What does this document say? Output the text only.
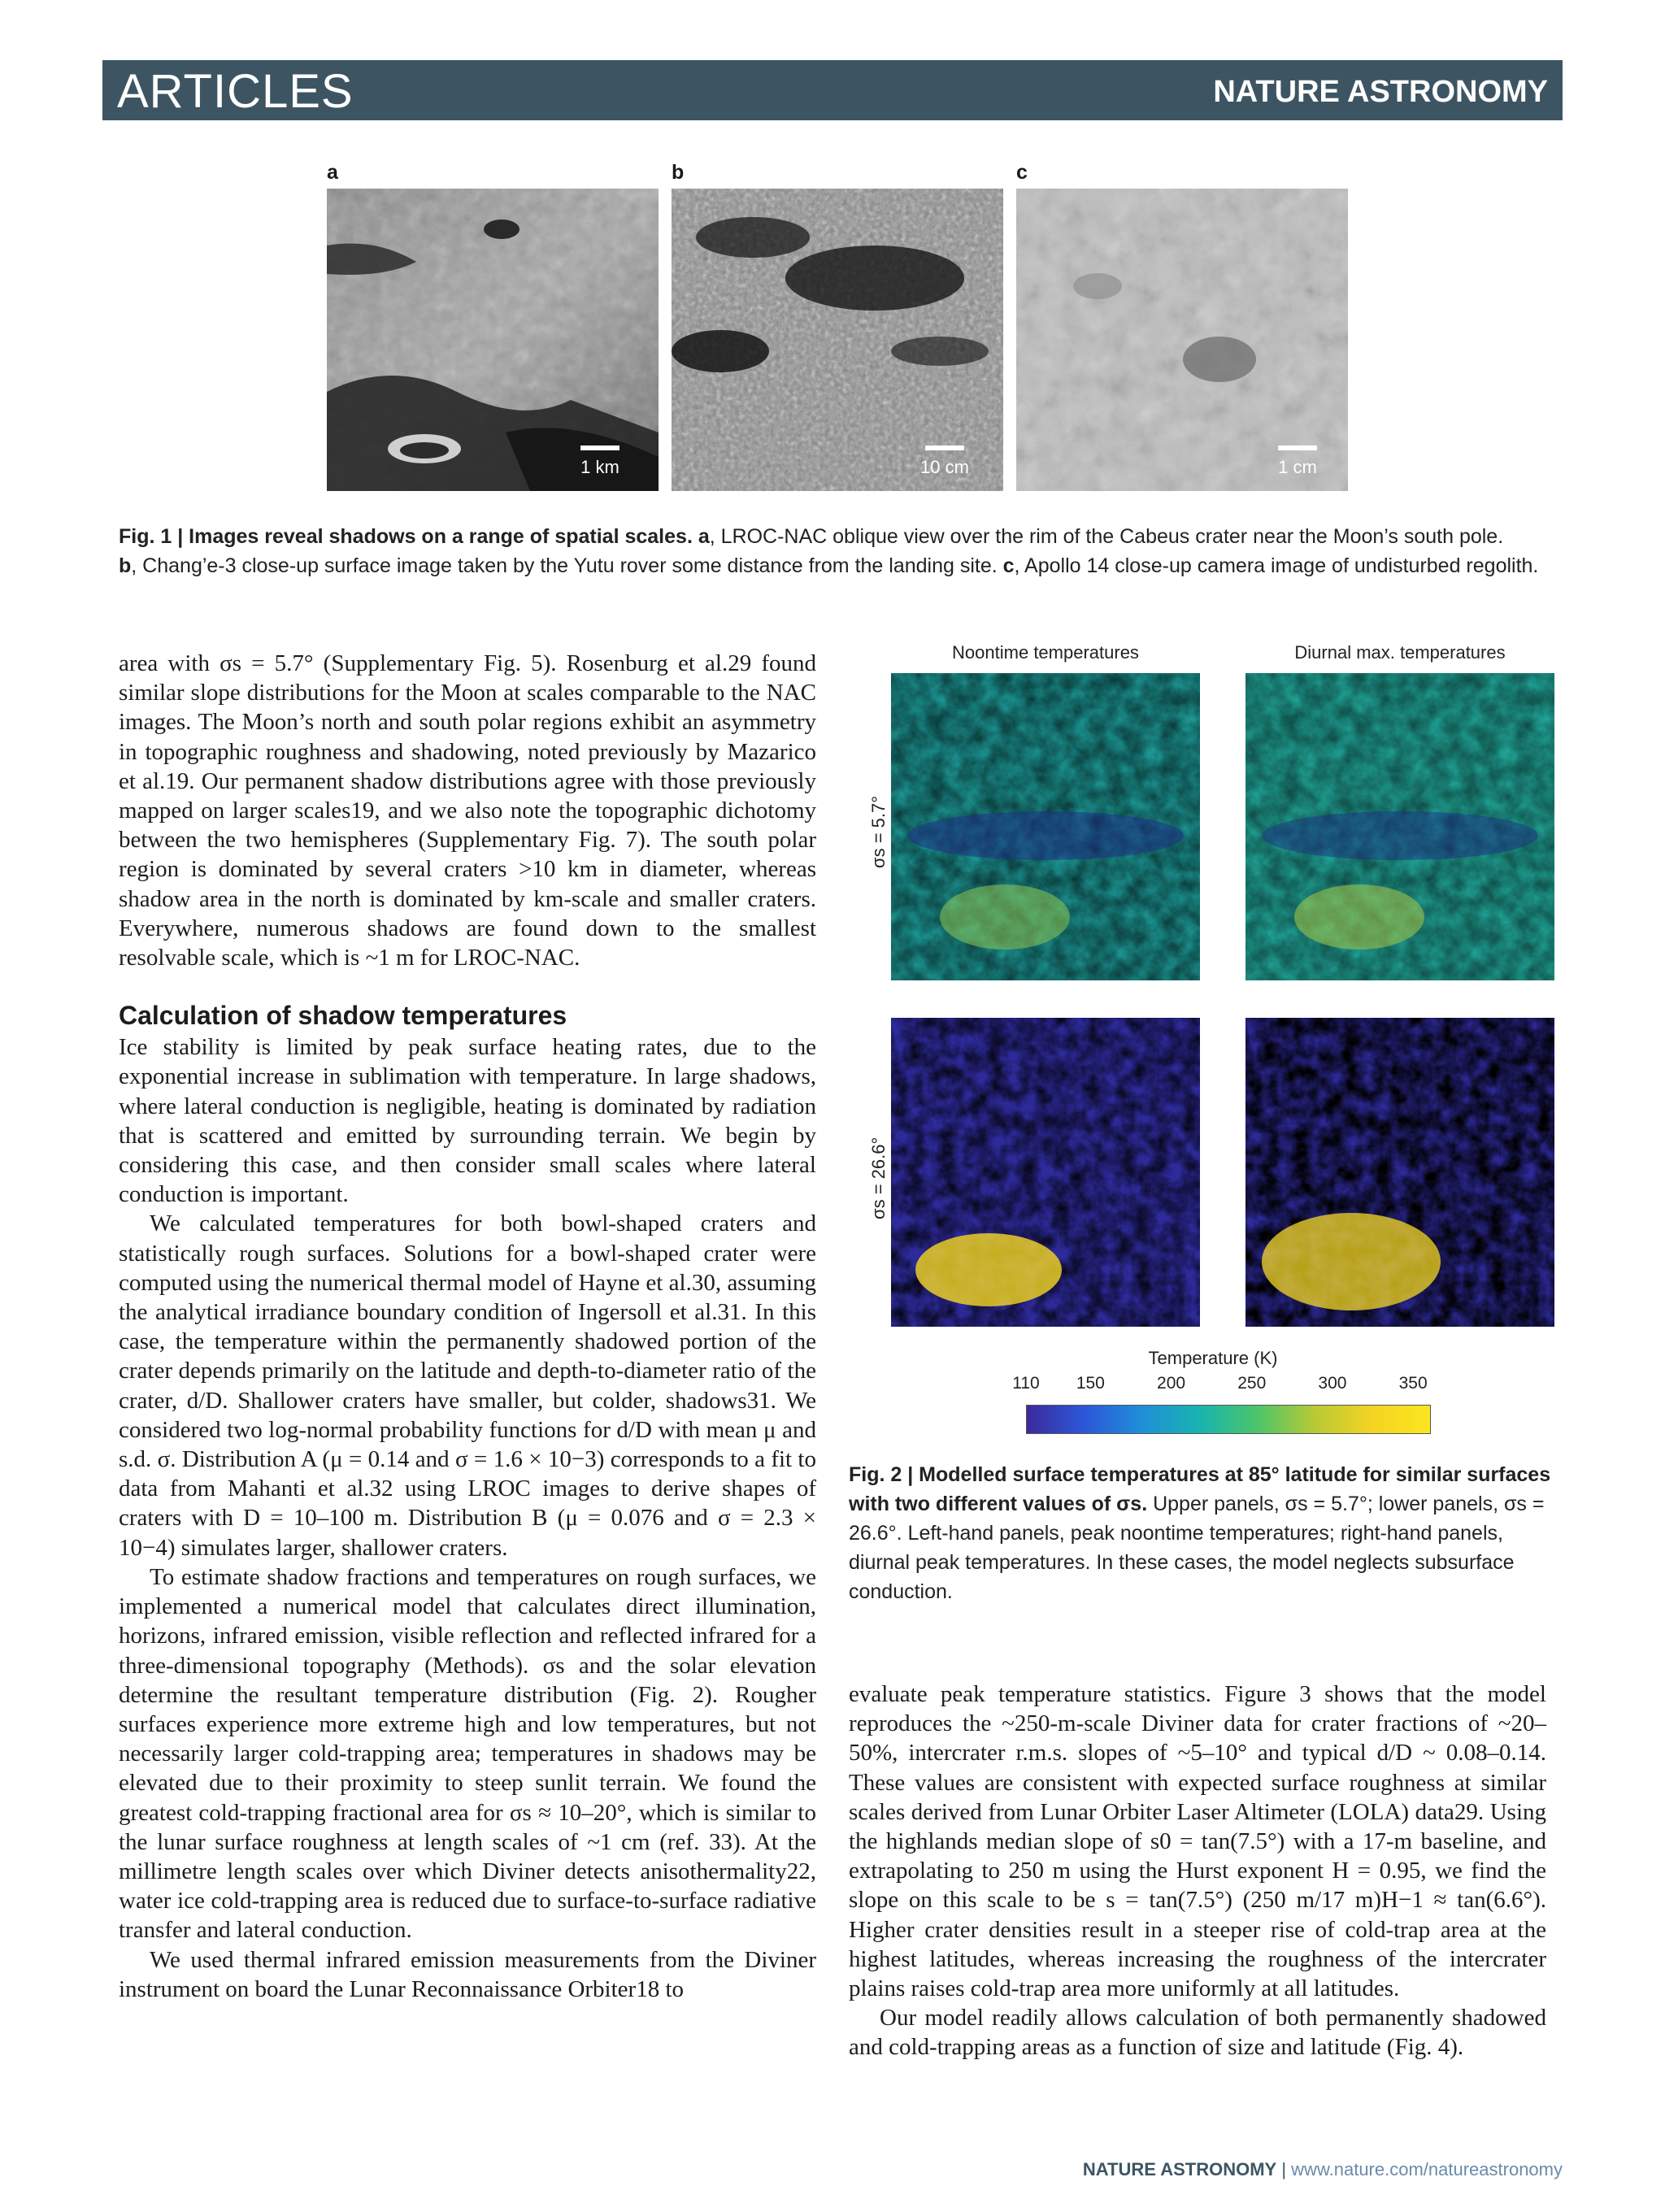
ARTICLES	NATURE ASTRONOMY
a	b	c
1 km	10 cm	1 cm
Fig. 1 | Images reveal shadows on a range of spatial scales. a, LROC-NAC oblique view over the rim of the Cabeus crater near the Moon’s south pole.
b, Chang’e-3 close-up surface image taken by the Yutu rover some distance from the landing site. c, Apollo 14 close-up camera image of undisturbed regolith.

area with σs = 5.7° (Supplementary Fig. 5). Rosenburg et al.29 found similar slope distributions for the Moon at scales comparable to the NAC images. The Moon’s north and south polar regions exhibit an asymmetry in topographic roughness and shadowing, noted previously by Mazarico et al.19. Our permanent shadow distributions agree with those previously mapped on larger scales19, and we also note the topographic dichotomy between the two hemispheres (Supplementary Fig. 7). The south polar region is dominated by several craters >10 km in diameter, whereas shadow area in the north is dominated by km-scale and smaller craters. Everywhere, numerous shadows are found down to the smallest resolvable scale, which is ~1 m for LROC-NAC.

Calculation of shadow temperatures

Ice stability is limited by peak surface heating rates, due to the exponential increase in sublimation with temperature. In large shadows, where lateral conduction is negligible, heating is dominated by radiation that is scattered and emitted by surrounding terrain. We begin by considering this case, and then consider small scales where lateral conduction is important.

We calculated temperatures for both bowl-shaped craters and statistically rough surfaces. Solutions for a bowl-shaped crater were computed using the numerical thermal model of Hayne et al.30, assuming the analytical irradiance boundary condition of Ingersoll et al.31. In this case, the temperature within the permanently shadowed portion of the crater depends primarily on the latitude and depth-to-diameter ratio of the crater, d/D. Shallower craters have smaller, but colder, shadows31. We considered two log-normal probability functions for d/D with mean μ and s.d. σ. Distribution A (μ = 0.14 and σ = 1.6 × 10−3) corresponds to a fit to data from Mahanti et al.32 using LROC images to derive shapes of craters with D = 10–100 m. Distribution B (μ = 0.076 and σ = 2.3 × 10−4) simulates larger, shallower craters.

To estimate shadow fractions and temperatures on rough surfaces, we implemented a numerical model that calculates direct illumination, horizons, infrared emission, visible reflection and reflected infrared for a three-dimensional topography (Methods). σs and the solar elevation determine the resultant temperature distribution (Fig. 2). Rougher surfaces experience more extreme high and low temperatures, but not necessarily larger cold-trapping area; temperatures in shadows may be elevated due to their proximity to steep sunlit terrain. We found the greatest cold-trapping fractional area for σs ≈ 10–20°, which is similar to the lunar surface roughness at length scales of ~1 cm (ref. 33). At the millimetre length scales over which Diviner detects anisothermality22, water ice cold-trapping area is reduced due to surface-to-surface radiative transfer and lateral conduction.

We used thermal infrared emission measurements from the Diviner instrument on board the Lunar Reconnaissance Orbiter18 to

Noontime temperatures	Diurnal max. temperatures
σs = 5.7°
σs = 26.6°
Temperature (K)
110	150	200	250	300	350
Fig. 2 | Modelled surface temperatures at 85° latitude for similar surfaces with two different values of σs. Upper panels, σs = 5.7°; lower panels, σs = 26.6°. Left-hand panels, peak noontime temperatures; right-hand panels, diurnal peak temperatures. In these cases, the model neglects subsurface conduction.

evaluate peak temperature statistics. Figure 3 shows that the model reproduces the ~250-m-scale Diviner data for crater fractions of ~20–50%, intercrater r.m.s. slopes of ~5–10° and typical d/D ~ 0.08–0.14. These values are consistent with expected surface roughness at similar scales derived from Lunar Orbiter Laser Altimeter (LOLA) data29. Using the highlands median slope of s0 = tan(7.5°) with a 17-m baseline, and extrapolating to 250 m using the Hurst exponent H = 0.95, we find the slope on this scale to be s = tan(7.5°) (250 m/17 m)H−1 ≈ tan(6.6°). Higher crater densities result in a steeper rise of cold-trap area at the highest latitudes, whereas increasing the roughness of the intercrater plains raises cold-trap area more uniformly at all latitudes.

Our model readily allows calculation of both permanently shadowed and cold-trapping areas as a function of size and latitude (Fig. 4).

NATURE ASTRONOMY | www.nature.com/natureastronomy
